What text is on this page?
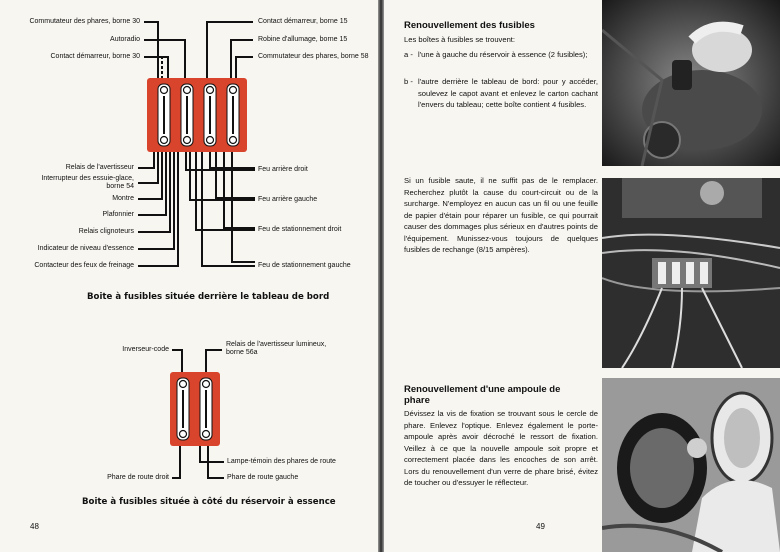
Commutateur des phares, borne 30
Autoradio
Contact démarreur, borne 30
Contact démarreur, borne 15
Robine d'allumage, borne 15
Commutateur des phares, borne 58
Relais de l'avertisseur
Interrupteur des essuie-glace, borne 54
Montre
Plafonnier
Relais clignoteurs
Indicateur de niveau d'essence
Contacteur des feux de freinage
Feu arrière droit
Feu arrière gauche
Feu de stationnement droit
Feu de stationnement gauche
Boite à fusibles située derrière le tableau de bord
Inverseur-code
Relais de l'avertisseur lumineux, borne 56a
Phare de route droit
Lampe-témoin des phares de route
Phare de route gauche
Boite à fusibles située à côté du réservoir à essence
48
Renouvellement des fusibles
Les boîtes à fusibles se trouvent:
a - l'une à gauche du réservoir à essence (2 fusibles);
b - l'autre derrière le tableau de bord: pour y accéder, soulevez le capot avant et enlevez le carton cachant l'envers du tableau; cette boîte contient 4 fusibles.
Si un fusible saute, il ne suffit pas de le remplacer. Recherchez plutôt la cause du court-circuit ou de la surcharge. N'employez en aucun cas un fil ou une feuille de papier d'étain pour réparer un fusible, ce qui pourrait causer des dommages plus sérieux en d'autres points de l'équipement. Munissez-vous toujours de quelques fusibles de rechange (8/15 ampères).
Renouvellement d'une ampoule de phare
Dévissez la vis de fixation se trouvant sous le cercle de phare. Enlevez l'optique. Enlevez également le porte-ampoule après avoir décroché le ressort de fixation. Veillez à ce que la nouvelle ampoule soit propre et correctement placée dans les encoches de son arrêt. Lors du renouvellement d'un verre de phare brisé, évitez de toucher ou d'essuyer le réflecteur.
49
